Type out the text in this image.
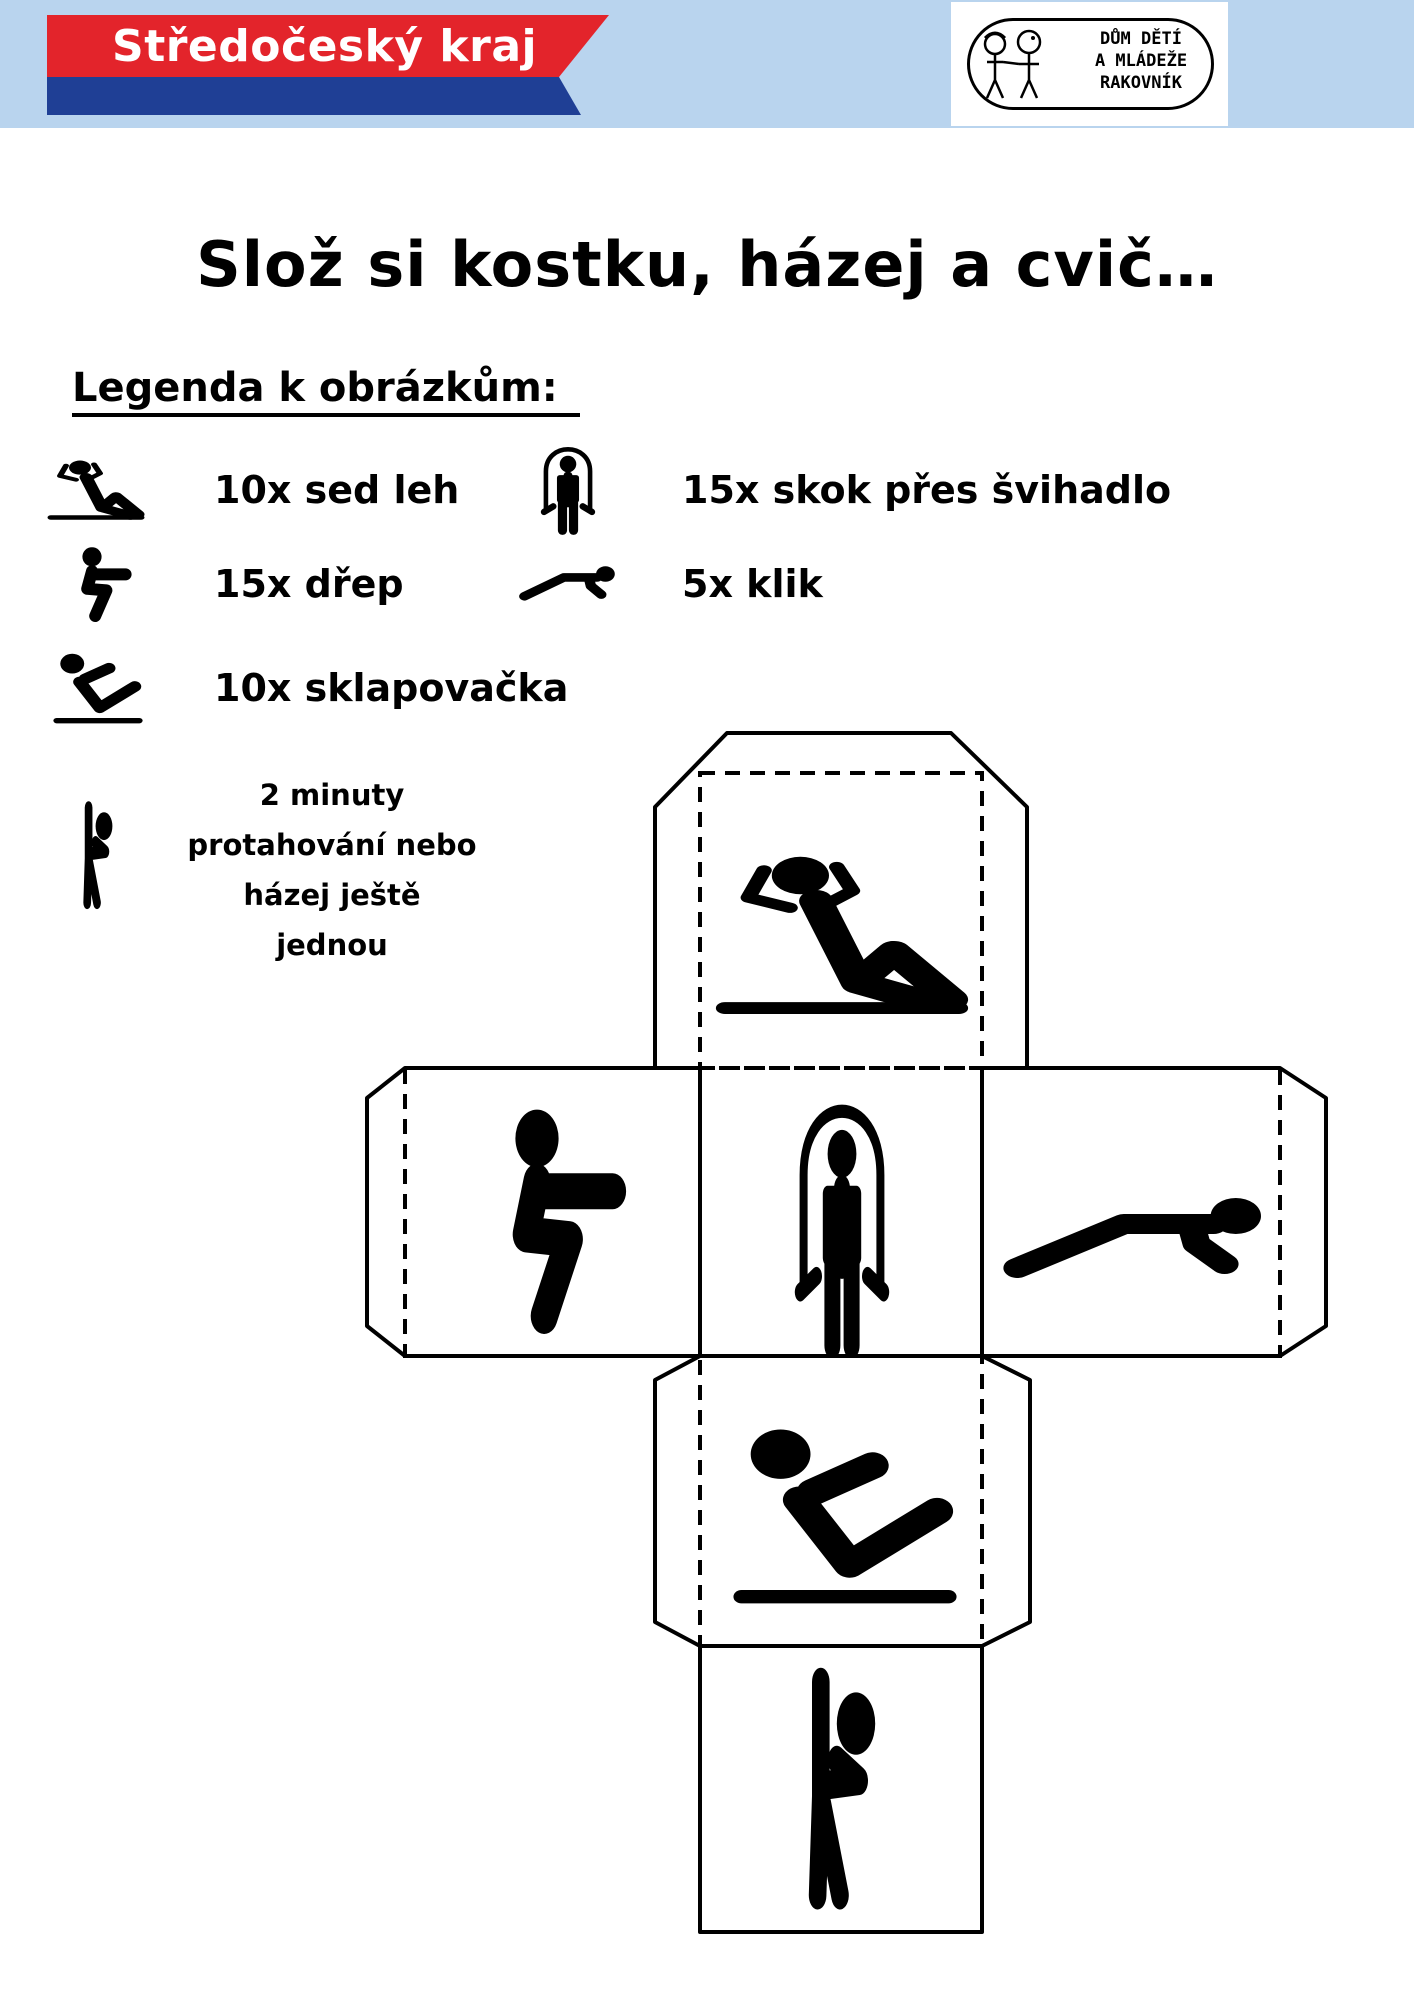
Středočeský kraj	DŮM DĚTÍ
A MLÁDEŽE
RAKOVNÍK
Slož si kostku, házej a cvič…
Legenda k obrázkům:
10x sed leh	15x skok přes švihadlo
15x dřep	5x klik
10x sklapovačka
2 minuty
protahování nebo
házej ještě
jednou
